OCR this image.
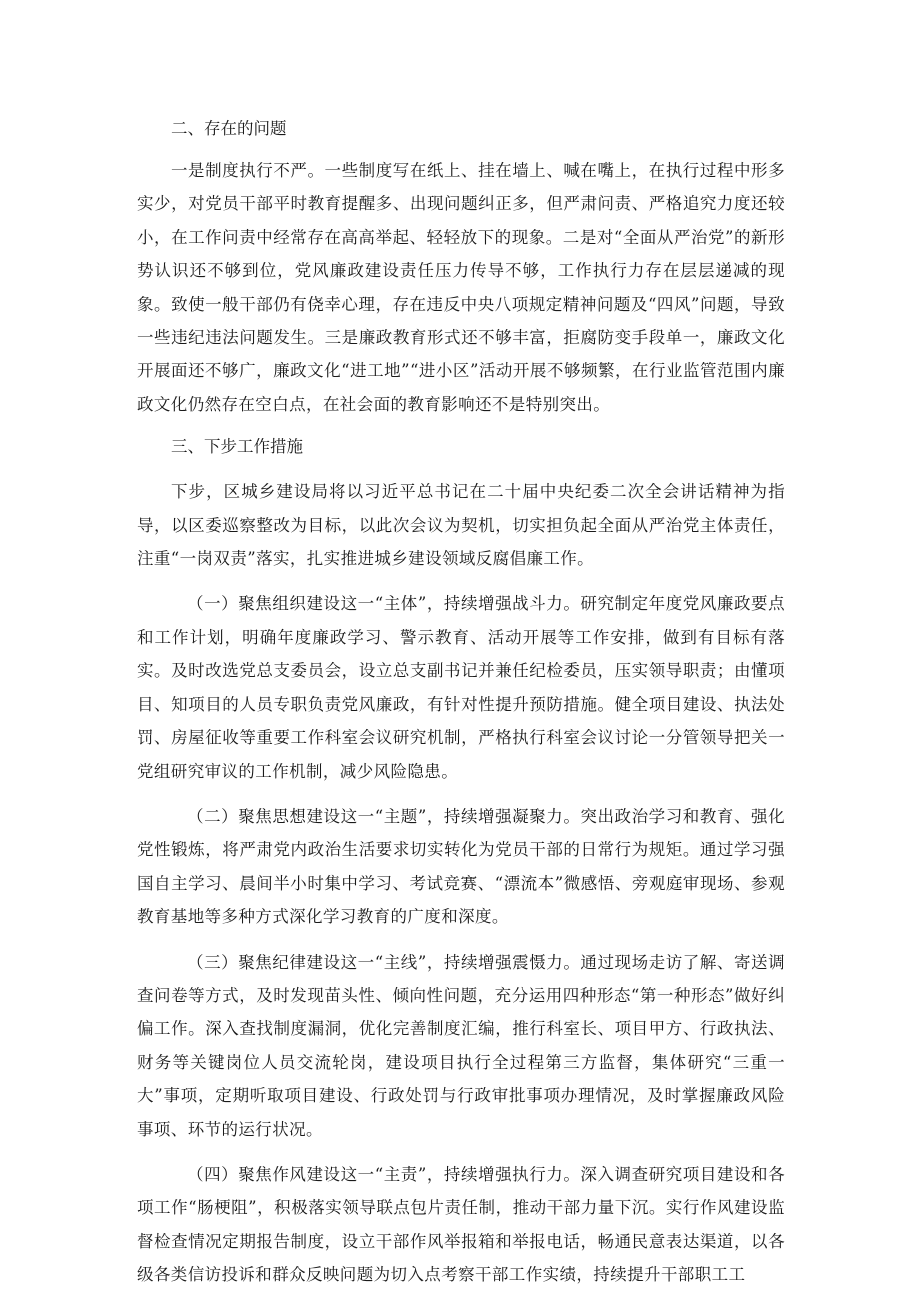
二、存在的问题

一是制度执行不严。一些制度写在纸上、挂在墙上、喊在嘴上，在执行过程中形多实少，对党员干部平时教育提醒多、出现问题纠正多，但严肃问责、严格追究力度还较小，在工作问责中经常存在高高举起、轻轻放下的现象。二是对“全面从严治党”的新形势认识还不够到位，党风廉政建设责任压力传导不够，工作执行力存在层层递减的现象。致使一般干部仍有侥幸心理，存在违反中央八项规定精神问题及“四风”问题，导致一些违纪违法问题发生。三是廉政教育形式还不够丰富，拒腐防变手段单一，廉政文化开展面还不够广，廉政文化“进工地”“进小区”活动开展不够频繁，在行业监管范围内廉政文化仍然存在空白点，在社会面的教育影响还不是特别突出。

三、下步工作措施

下步，区城乡建设局将以习近平总书记在二十届中央纪委二次全会讲话精神为指导，以区委巡察整改为目标，以此次会议为契机，切实担负起全面从严治党主体责任，注重“一岗双责”落实，扎实推进城乡建设领域反腐倡廉工作。

（一）聚焦组织建设这一“主体”，持续增强战斗力。研究制定年度党风廉政要点和工作计划，明确年度廉政学习、警示教育、活动开展等工作安排，做到有目标有落实。及时改选党总支委员会，设立总支副书记并兼任纪检委员，压实领导职责；由懂项目、知项目的人员专职负责党风廉政，有针对性提升预防措施。健全项目建设、执法处罚、房屋征收等重要工作科室会议研究机制，严格执行科室会议讨论一分管领导把关一党组研究审议的工作机制，减少风险隐患。

（二）聚焦思想建设这一“主题”，持续增强凝聚力。突出政治学习和教育、强化党性锻炼，将严肃党内政治生活要求切实转化为党员干部的日常行为规矩。通过学习强国自主学习、晨间半小时集中学习、考试竞赛、“漂流本”微感悟、旁观庭审现场、参观教育基地等多种方式深化学习教育的广度和深度。

（三）聚焦纪律建设这一“主线”，持续增强震慑力。通过现场走访了解、寄送调查问卷等方式，及时发现苗头性、倾向性问题，充分运用四种形态“第一种形态”做好纠偏工作。深入查找制度漏洞，优化完善制度汇编，推行科室长、项目甲方、行政执法、财务等关键岗位人员交流轮岗，建设项目执行全过程第三方监督，集体研究“三重一大”事项，定期听取项目建设、行政处罚与行政审批事项办理情况，及时掌握廉政风险事项、环节的运行状况。

（四）聚焦作风建设这一“主责”，持续增强执行力。深入调查研究项目建设和各项工作“肠梗阻”，积极落实领导联点包片责任制，推动干部力量下沉。实行作风建设监督检查情况定期报告制度，设立干部作风举报箱和举报电话，畅通民意表达渠道，以各级各类信访投诉和群众反映问题为切入点考察干部工作实绩，持续提升干部职工工
